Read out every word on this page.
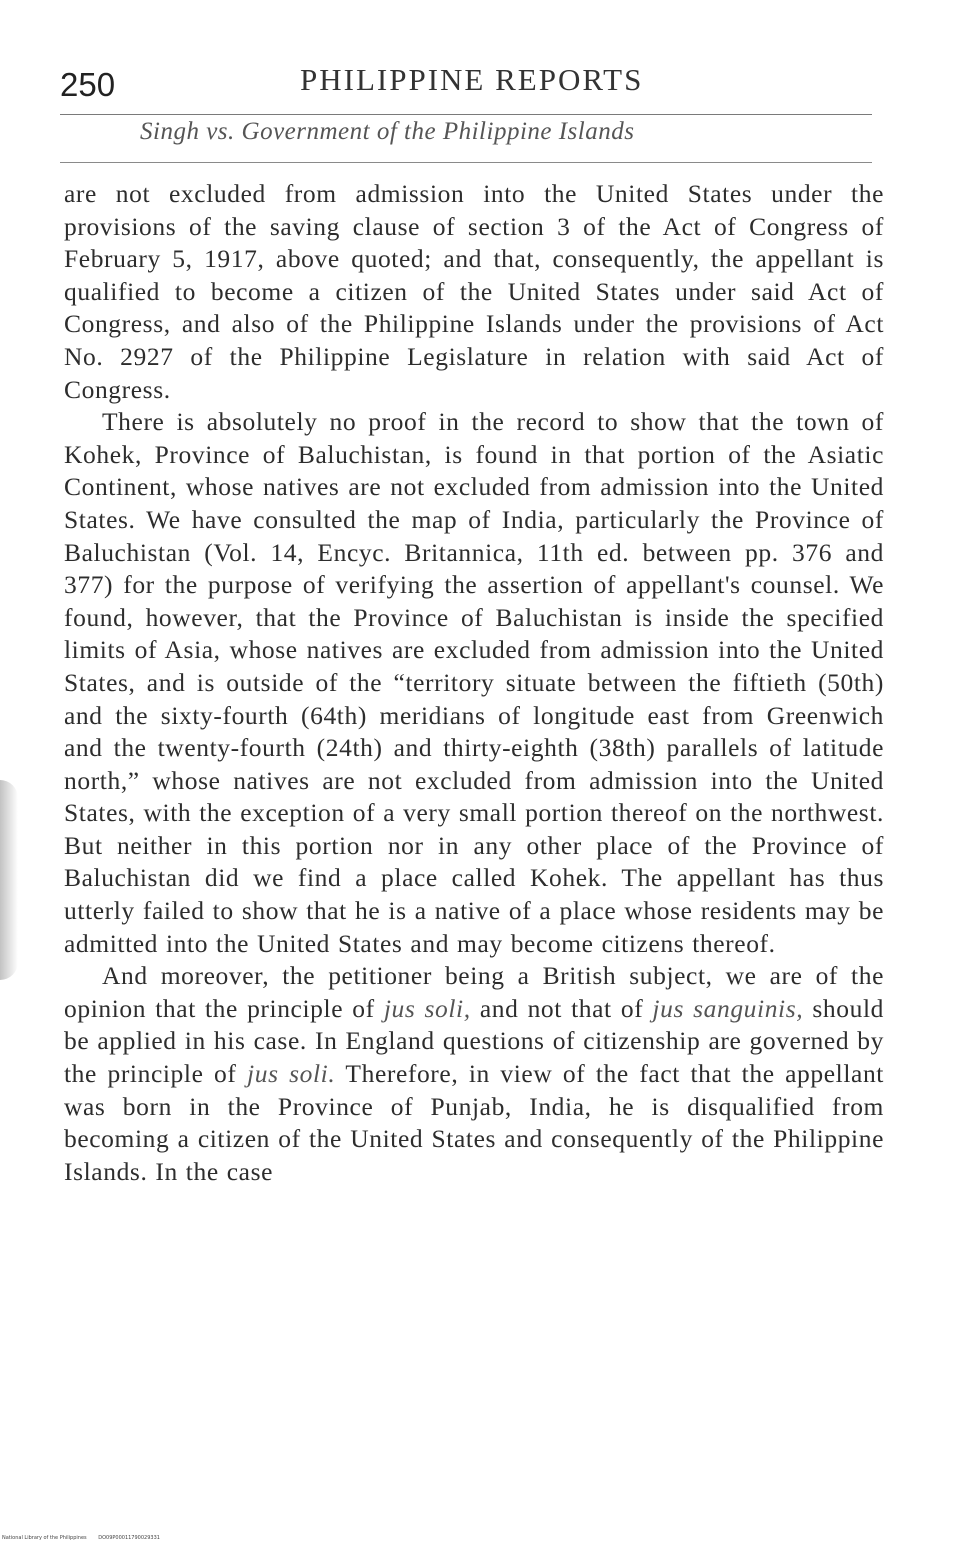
250	PHILIPPINE REPORTS
Singh vs. Government of the Philippine Islands

are not excluded from admission into the United States under the provisions of the saving clause of section 3 of the Act of Congress of February 5, 1917, above quoted; and that, consequently, the appellant is qualified to become a citizen of the United States under said Act of Congress, and also of the Philippine Islands under the provisions of Act No. 2927 of the Philippine Legislature in relation with said Act of Congress.

There is absolutely no proof in the record to show that the town of Kohek, Province of Baluchistan, is found in that portion of the Asiatic Continent, whose natives are not excluded from admission into the United States. We have consulted the map of India, particularly the Province of Baluchistan (Vol. 14, Encyc. Britannica, 11th ed. between pp. 376 and 377) for the purpose of verifying the assertion of appellant's counsel. We found, however, that the Province of Baluchistan is inside the specified limits of Asia, whose natives are excluded from admission into the United States, and is outside of the “territory situate between the fiftieth (50th) and the sixty-fourth (64th) meridians of longitude east from Greenwich and the twenty-fourth (24th) and thirty-eighth (38th) parallels of latitude north,” whose natives are not excluded from admission into the United States, with the exception of a very small portion thereof on the northwest. But neither in this portion nor in any other place of the Province of Baluchistan did we find a place called Kohek. The appellant has thus utterly failed to show that he is a native of a place whose residents may be admitted into the United States and may become citizens thereof.

And moreover, the petitioner being a British subject, we are of the opinion that the principle of jus soli, and not that of jus sanguinis, should be applied in his case. In England questions of citizenship are governed by the principle of jus soli. Therefore, in view of the fact that the appellant was born in the Province of Punjab, India, he is disqualified from becoming a citizen of the United States and consequently of the Philippine Islands. In the case

National Library of the Philippines DO09P00011790029331
